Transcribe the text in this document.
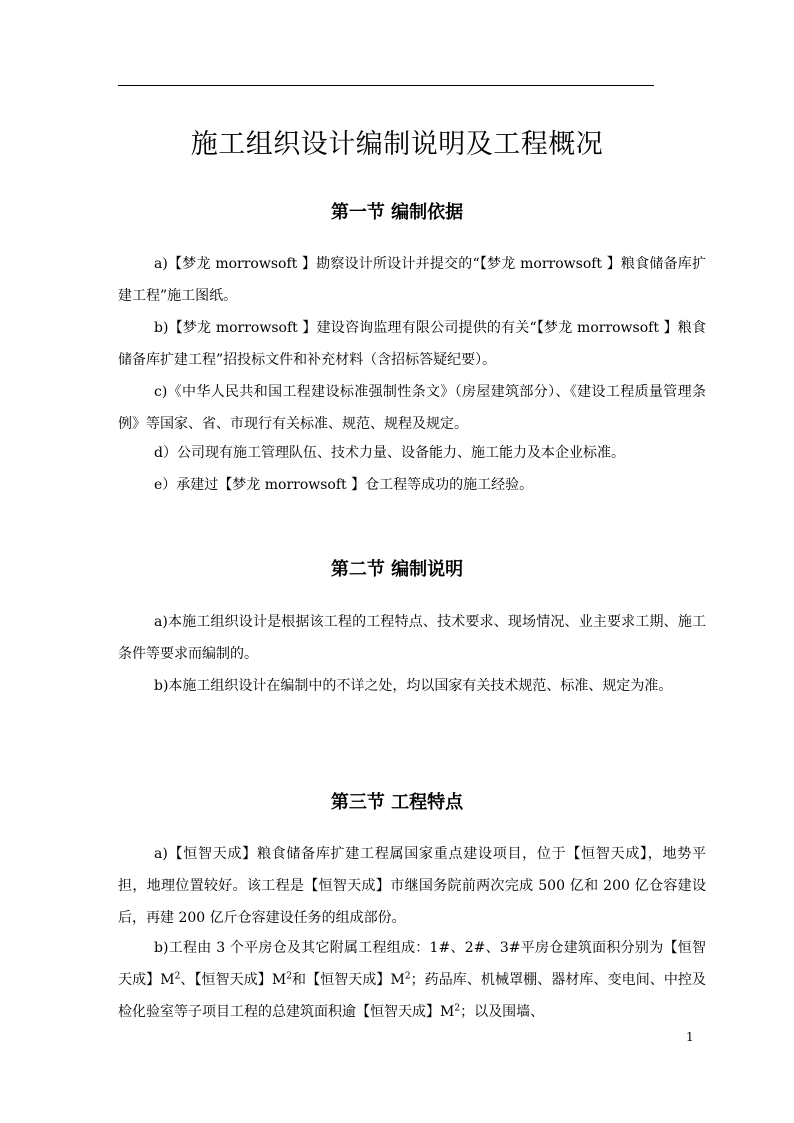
施工组织设计编制说明及工程概况
第一节 编制依据

a)【梦龙 morrowsoft 】勘察设计所设计并提交的“【梦龙 morrowsoft 】粮食储备库扩建工程”施工图纸。

b)【梦龙 morrowsoft 】建设咨询监理有限公司提供的有关“【梦龙 morrowsoft 】粮食储备库扩建工程”招投标文件和补充材料（含招标答疑纪要）。

c)《中华人民共和国工程建设标准强制性条文》（房屋建筑部分）、《建设工程质量管理条例》等国家、省、市现行有关标准、规范、规程及规定。

d）公司现有施工管理队伍、技术力量、设备能力、施工能力及本企业标准。

e）承建过【梦龙 morrowsoft 】仓工程等成功的施工经验。

第二节 编制说明

a)本施工组织设计是根据该工程的工程特点、技术要求、现场情况、业主要求工期、施工条件等要求而编制的。

b)本施工组织设计在编制中的不详之处，均以国家有关技术规范、标准、规定为准。

第三节 工程特点

a)【恒智天成】粮食储备库扩建工程属国家重点建设项目，位于【恒智天成】，地势平担，地理位置较好。该工程是【恒智天成】市继国务院前两次完成 500 亿和 200 亿仓容建设后，再建 200 亿斤仓容建设任务的组成部份。

b)工程由 3 个平房仓及其它附属工程组成：1#、2#、3#平房仓建筑面积分别为【恒智天成】$M^2$、【恒智天成】$M^2$和【恒智天成】$M^2$；药品库、机械罩棚、器材库、变电间、中控及检化验室等子项目工程的总建筑面积逾【恒智天成】$M^2$；以及围墙、

1
